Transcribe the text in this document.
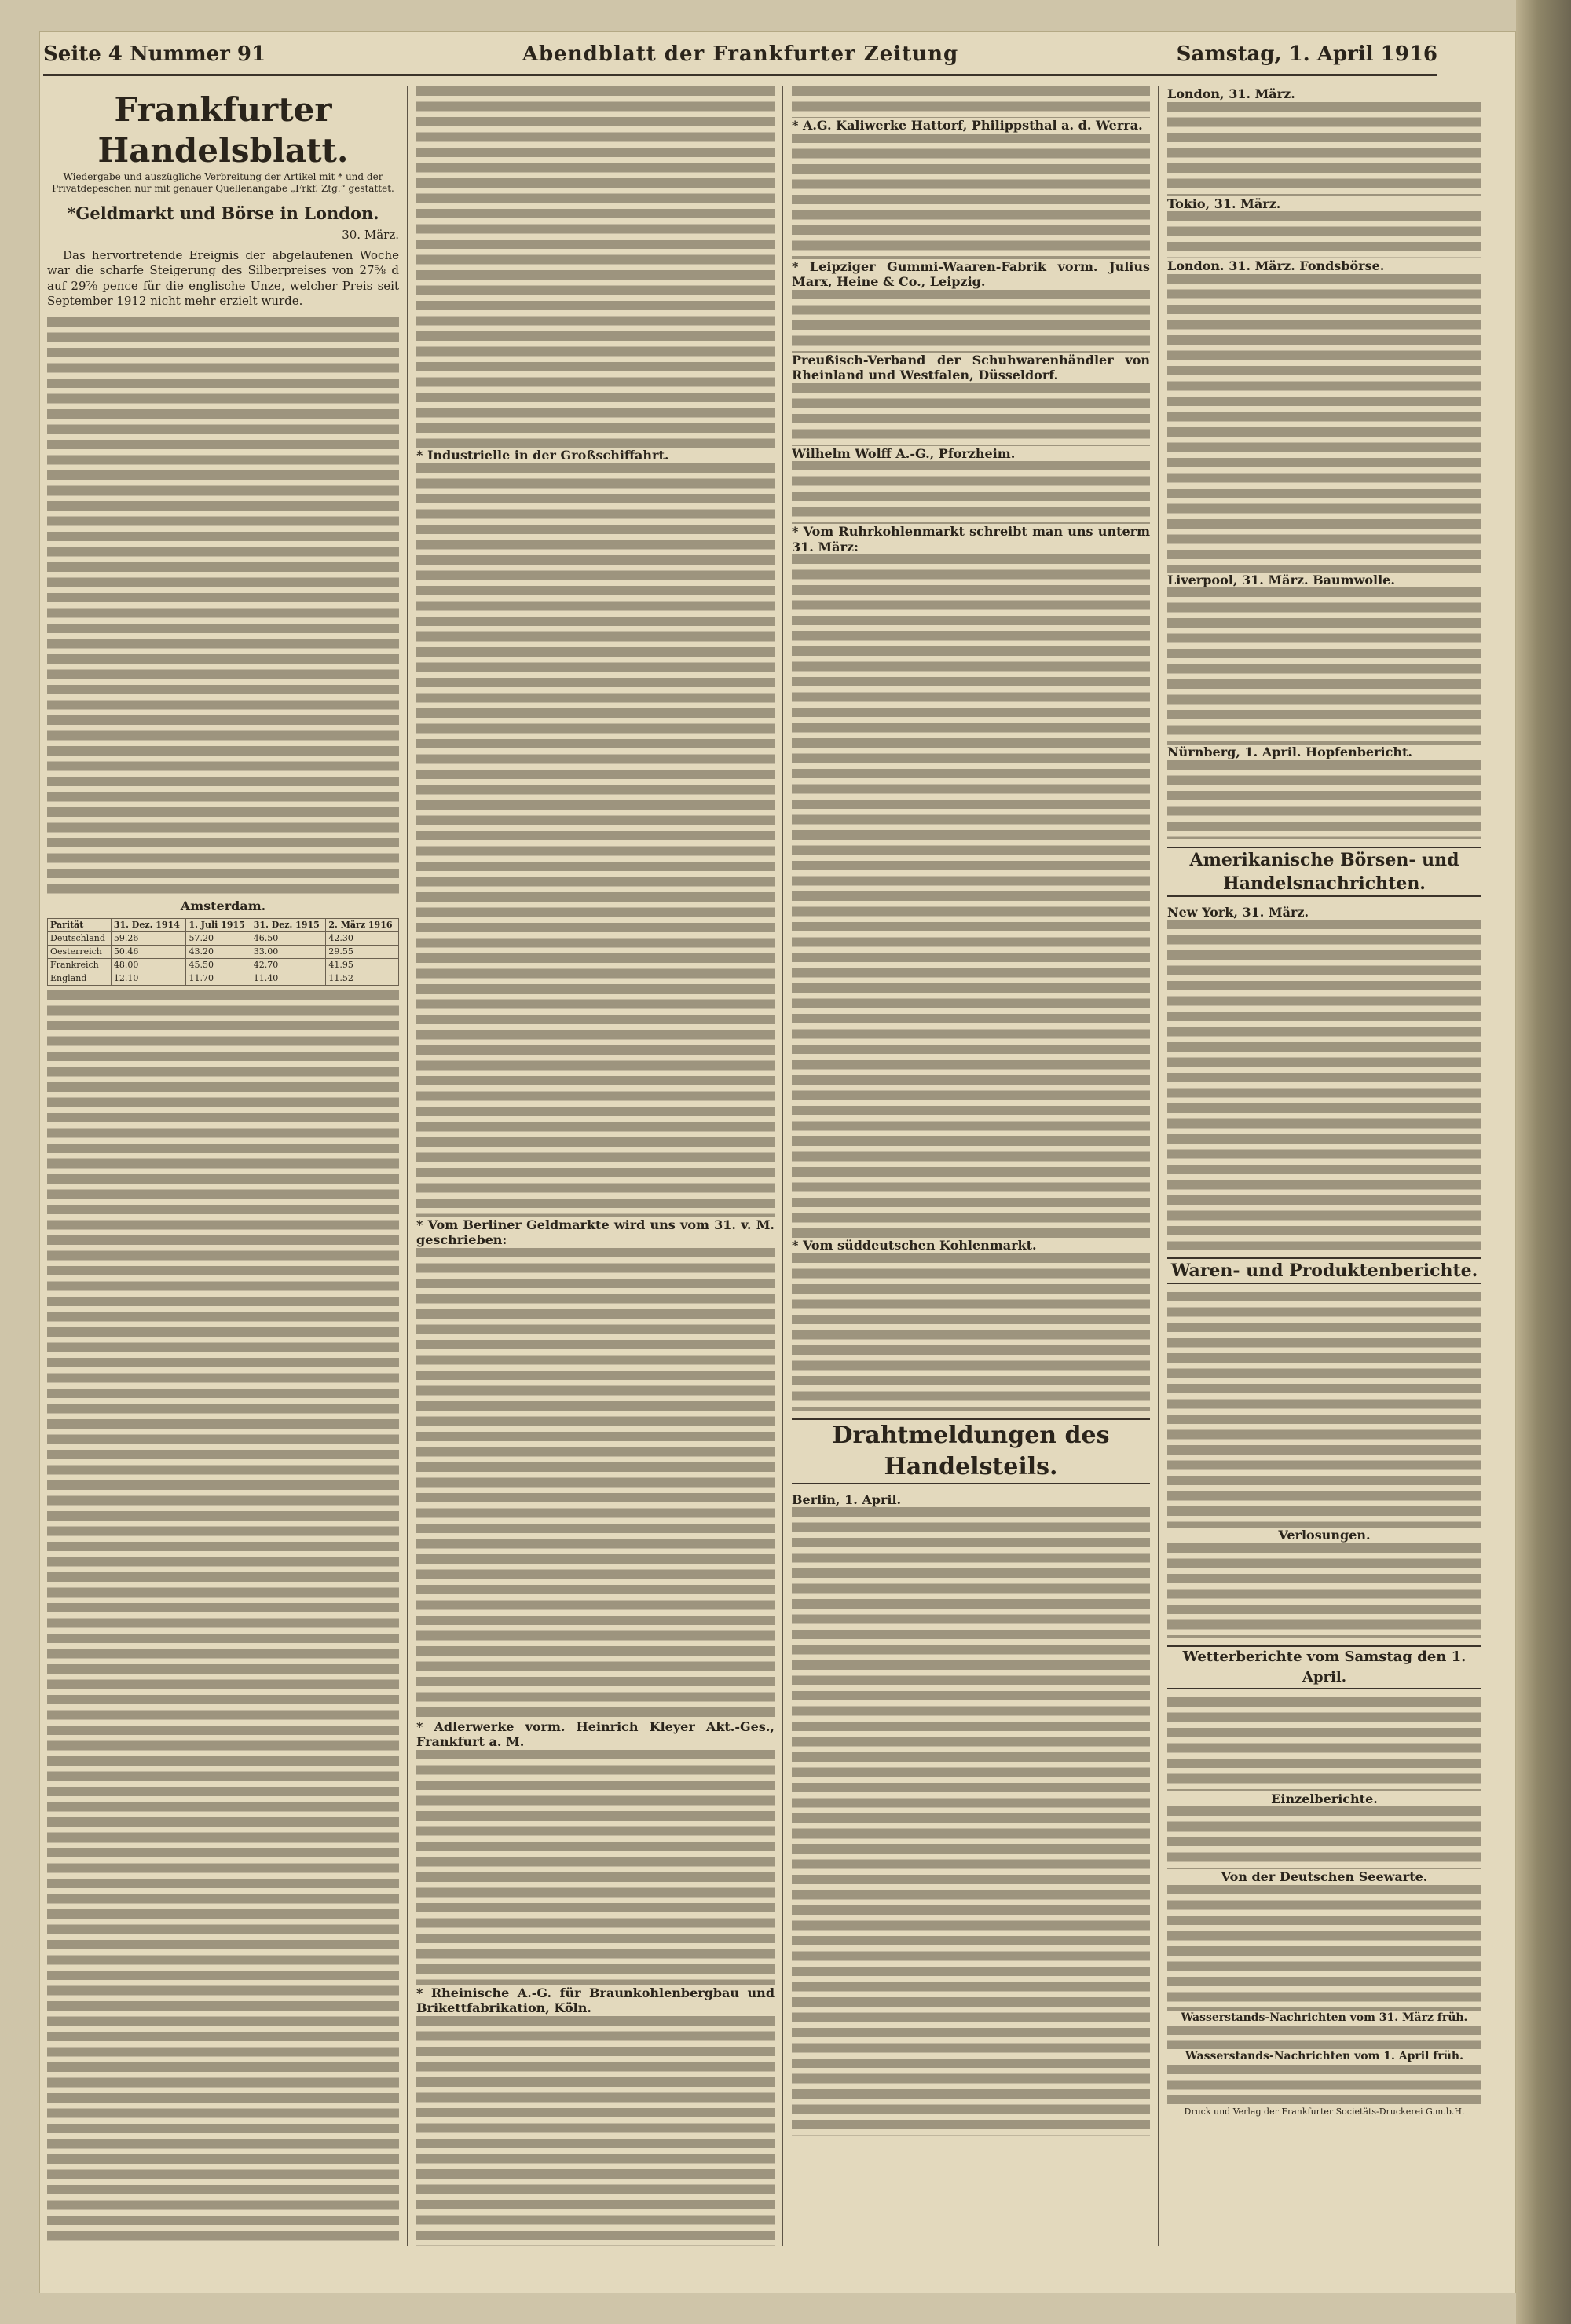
Seite 4 Nummer 91	Abendblatt der Frankfurter Zeitung	Samstag, 1. April 1916
Frankfurter Handelsblatt.
Wiedergabe und auszügliche Verbreitung der Artikel mit * und der Privatdepeschen nur mit genauer Quellenangabe „Frkf. Ztg.“ gestattet.
*Geldmarkt und Börse in London.
30. März.

Das hervortretende Ereignis der abgelaufenen Woche war die scharfe Steigerung des Silberpreises von 27⅝ d auf 29⅞ pence für die englische Unze, welcher Preis seit September 1912 nicht mehr erzielt wurde.

Amsterdam.
Parität	31. Dez. 1914	1. Juli 1915	31. Dez. 1915	2. März 1916
Deutschland	59.26	57.20	46.50	42.30
Oesterreich	50.46	43.20	33.00	29.55
Frankreich	48.00	45.50	42.70	41.95
England	12.10	11.70	11.40	11.52
* Industrielle in der Großschiffahrt.
* Vom Berliner Geldmarkte wird uns vom 31. v. M. geschrieben:
* Adlerwerke vorm. Heinrich Kleyer Akt.-Ges., Frankfurt a. M.
* Rheinische A.-G. für Braunkohlenbergbau und Brikettfabrikation, Köln.
* A.G. Kaliwerke Hattorf, Philippsthal a. d. Werra.
* Leipziger Gummi-Waaren-Fabrik vorm. Julius Marx, Heine & Co., Leipzig.
Preußisch-Verband der Schuhwarenhändler von Rheinland und Westfalen, Düsseldorf.
Wilhelm Wolff A.-G., Pforzheim.
* Vom Ruhrkohlenmarkt schreibt man uns unterm 31. März:
* Vom süddeutschen Kohlenmarkt.
Drahtmeldungen des Handelsteils.
Berlin, 1. April.
London, 31. März.
Tokio, 31. März.
London. 31. März. Fondsbörse.
Liverpool, 31. März. Baumwolle.
Nürnberg, 1. April. Hopfenbericht.
Amerikanische Börsen- und Handelsnachrichten.
New York, 31. März.
Waren- und Produktenberichte.
Verlosungen.
Wetterberichte vom Samstag den 1. April.
Einzelberichte.
Von der Deutschen Seewarte.
Wasserstands-Nachrichten vom 31. März früh.
Wasserstands-Nachrichten vom 1. April früh.
Druck und Verlag der Frankfurter Societäts-Druckerei G.m.b.H.
